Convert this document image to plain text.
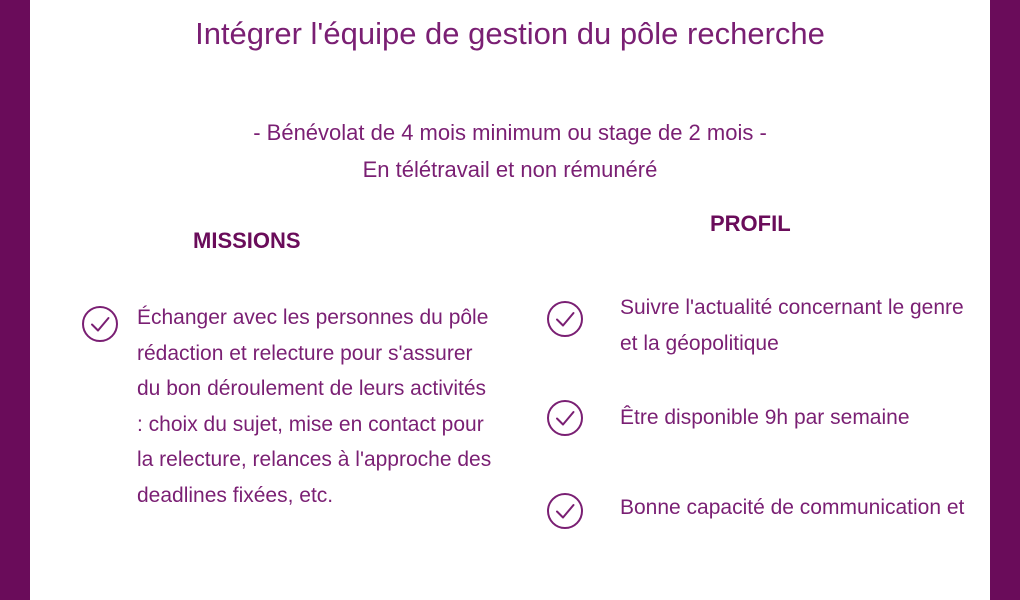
Intégrer l'équipe de gestion du pôle recherche

- Bénévolat de 4 mois minimum ou stage de 2 mois -

En télétravail et non rémunéré

MISSIONS
PROFIL

Échanger avec les personnes du pôle rédaction et relecture pour s'assurer du bon déroulement de leurs activités : choix du sujet, mise en contact pour la relecture, relances à l'approche des deadlines fixées, etc.

Suivre l'actualité concernant le genre et la géopolitique

Être disponible 9h par semaine

Bonne capacité de communication et
